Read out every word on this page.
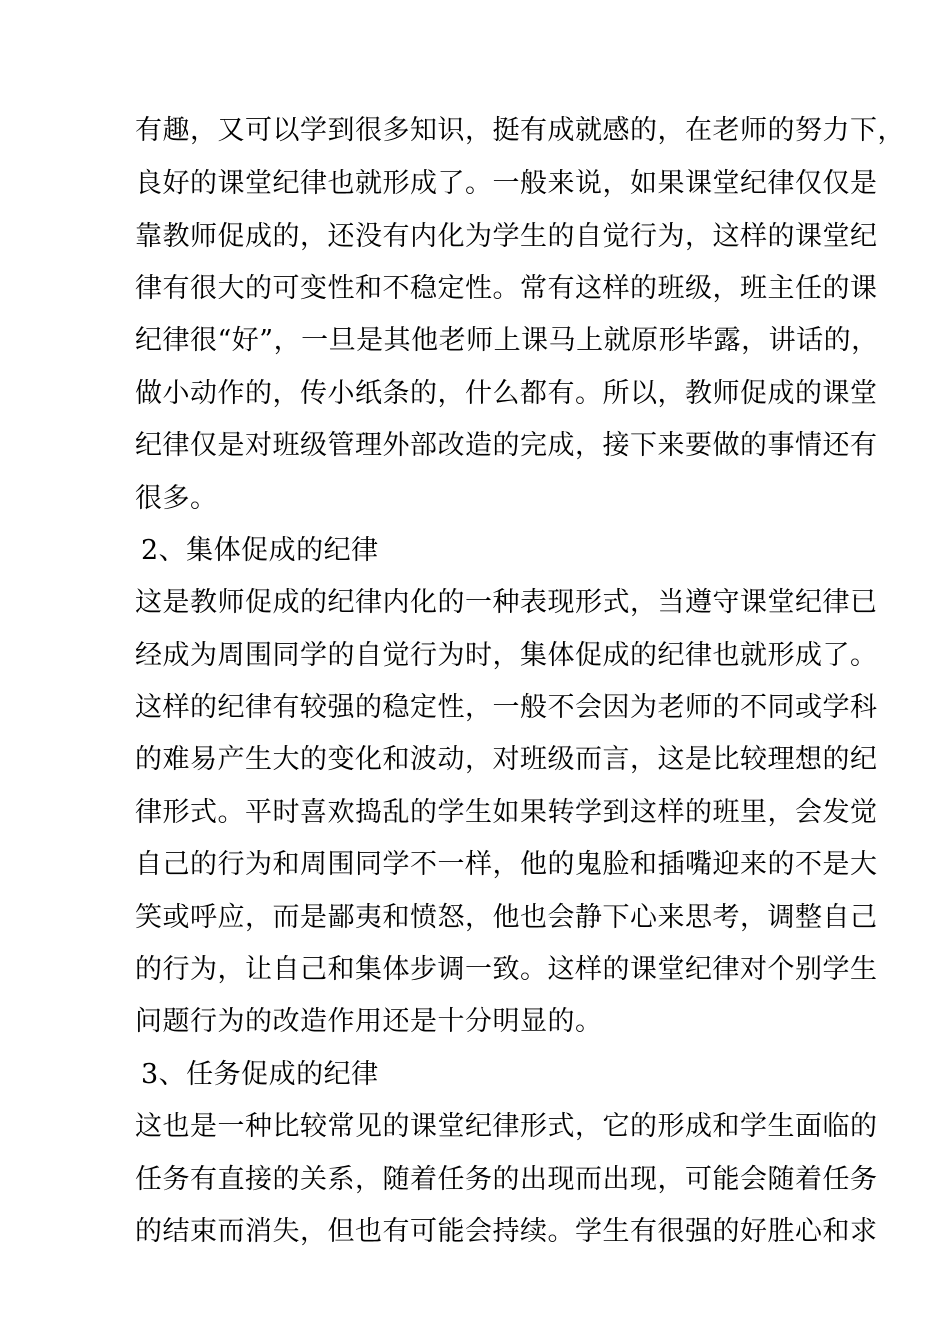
有趣，又可以学到很多知识，挺有成就感的，在老师的努力下，
良好的课堂纪律也就形成了。一般来说，如果课堂纪律仅仅是
靠教师促成的，还没有内化为学生的自觉行为，这样的课堂纪
律有很大的可变性和不稳定性。常有这样的班级，班主任的课
纪律很“好”，一旦是其他老师上课马上就原形毕露，讲话的，
做小动作的，传小纸条的，什么都有。所以，教师促成的课堂
纪律仅是对班级管理外部改造的完成，接下来要做的事情还有
很多。
2、集体促成的纪律
这是教师促成的纪律内化的一种表现形式，当遵守课堂纪律已
经成为周围同学的自觉行为时，集体促成的纪律也就形成了。
这样的纪律有较强的稳定性，一般不会因为老师的不同或学科
的难易产生大的变化和波动，对班级而言，这是比较理想的纪
律形式。平时喜欢捣乱的学生如果转学到这样的班里，会发觉
自己的行为和周围同学不一样，他的鬼脸和插嘴迎来的不是大
笑或呼应，而是鄙夷和愤怒，他也会静下心来思考，调整自己
的行为，让自己和集体步调一致。这样的课堂纪律对个别学生
问题行为的改造作用还是十分明显的。
3、任务促成的纪律
这也是一种比较常见的课堂纪律形式，它的形成和学生面临的
任务有直接的关系，随着任务的出现而出现，可能会随着任务
的结束而消失，但也有可能会持续。学生有很强的好胜心和求
